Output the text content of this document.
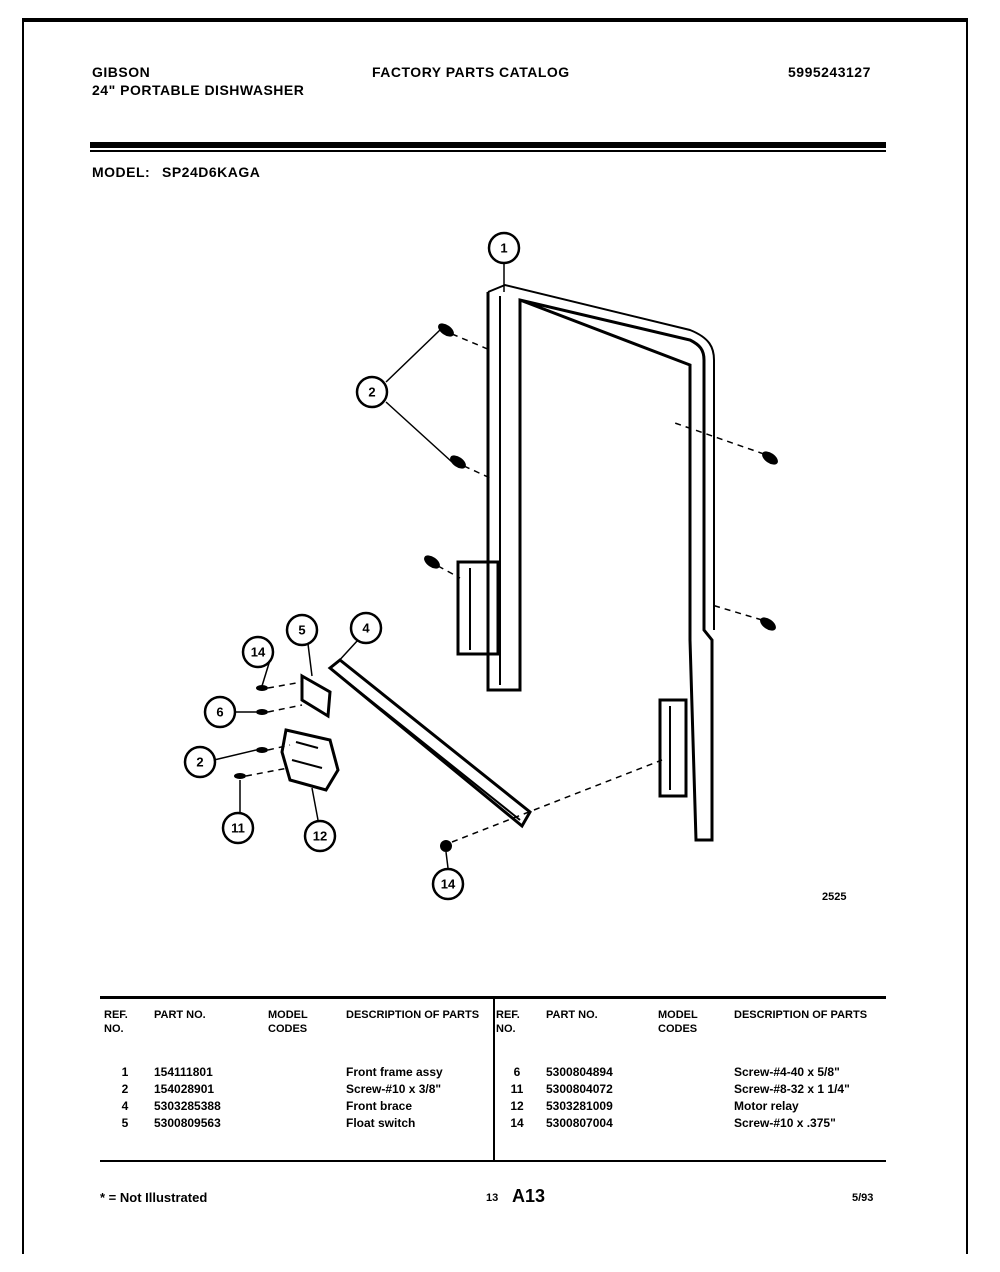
GIBSON
24" PORTABLE DISHWASHER
FACTORY PARTS CATALOG	5995243127
MODEL: SP24D6KAGA
1
2
2
4
5
6
11
12
14
14
2525
REF. NO.	PART NO.	MODEL CODES	DESCRIPTION OF PARTS	REF. NO.	PART NO.	MODEL CODES	DESCRIPTION OF PARTS

1	154111801		Front frame assy	6	5300804894		Screw-#4-40 x 5/8"
2	154028901		Screw-#10 x 3/8"	11	5300804072		Screw-#8-32 x 1 1/4"
4	5303285388		Front brace	12	5303281009		Motor relay
5	5300809563		Float switch	14	5300807004		Screw-#10 x .375"
* = Not Illustrated	13 A13	5/93
